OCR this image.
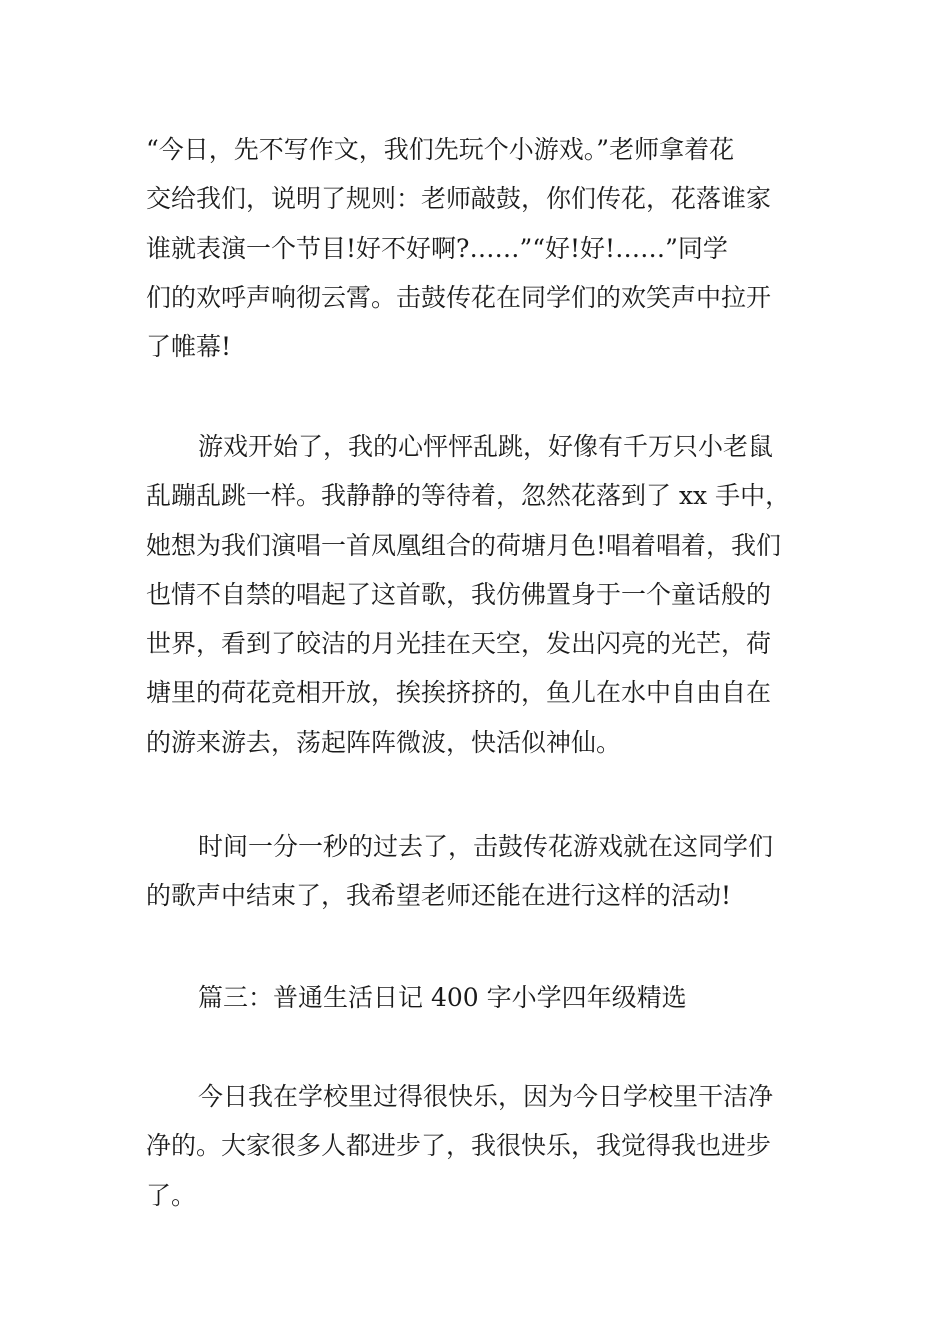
“今日，先不写作文，我们先玩个小游戏。”老师拿着花
交给我们，说明了规则：老师敲鼓，你们传花，花落谁家
谁就表演一个节目!好不好啊?……”“好!好!……”同学
们的欢呼声响彻云霄。击鼓传花在同学们的欢笑声中拉开
了帷幕!
游戏开始了，我的心怦怦乱跳，好像有千万只小老鼠
乱蹦乱跳一样。我静静的等待着，忽然花落到了 xx 手中，
她想为我们演唱一首凤凰组合的荷塘月色!唱着唱着，我们
也情不自禁的唱起了这首歌，我仿佛置身于一个童话般的
世界，看到了皎洁的月光挂在天空，发出闪亮的光芒，荷
塘里的荷花竞相开放，挨挨挤挤的，鱼儿在水中自由自在
的游来游去，荡起阵阵微波，快活似神仙。
时间一分一秒的过去了，击鼓传花游戏就在这同学们
的歌声中结束了，我希望老师还能在进行这样的活动!
篇三：普通生活日记 400 字小学四年级精选
今日我在学校里过得很快乐，因为今日学校里干洁净
净的。大家很多人都进步了，我很快乐，我觉得我也进步
了。
